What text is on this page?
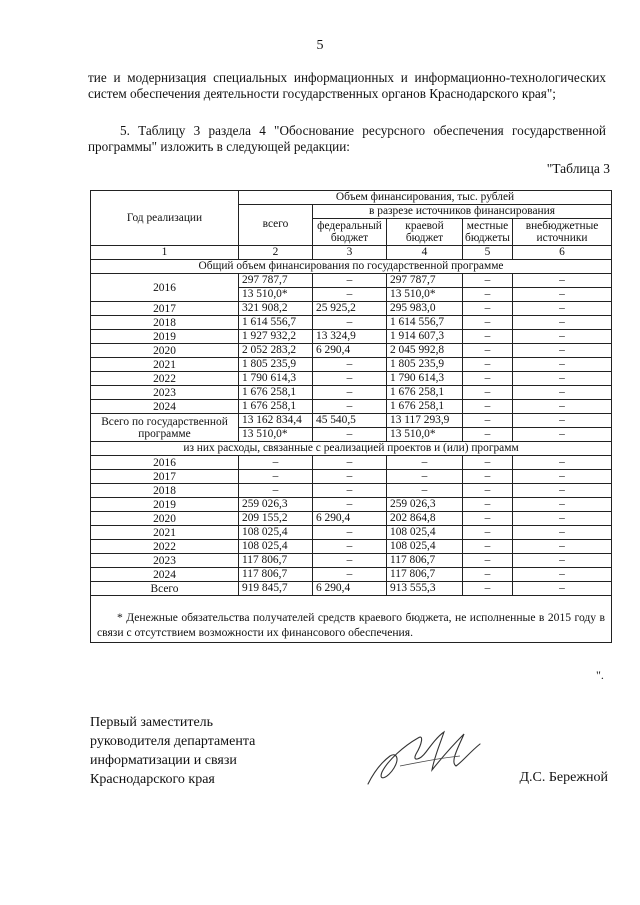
5
тие и модернизация специальных информационных и информационно-технологических систем обеспечения деятельности государственных органов Краснодарского края";
5. Таблицу 3 раздела 4 "Обоснование ресурсного обеспечения государственной программы" изложить в следующей редакции:
"Таблица 3
Год реализации	Объем финансирования, тыс. рублей				
	всего	в разрезе источников финансирования			
		федеральный бюджет	краевой бюджет	местные бюджеты	внебюджетные источники
1	2	3	4	5	6
Общий объем финансирования по государственной программе					
2016	297 787,7	–	297 787,7	–	–
	13 510,0*	–	13 510,0*	–	–
2017	321 908,2	25 925,2	295 983,0	–	–
2018	1 614 556,7	–	1 614 556,7	–	–
2019	1 927 932,2	13 324,9	1 914 607,3	–	–
2020	2 052 283,2	6 290,4	2 045 992,8	–	–
2021	1 805 235,9	–	1 805 235,9	–	–
2022	1 790 614,3	–	1 790 614,3	–	–
2023	1 676 258,1	–	1 676 258,1	–	–
2024	1 676 258,1	–	1 676 258,1	–	–
Всего по государственной программе	13 162 834,4	45 540,5	13 117 293,9	–	–
	13 510,0*	–	13 510,0*	–	–
из них расходы, связанные с реализацией проектов и (или) программ					
2016	–	–	–	–	–
2017	–	–	–	–	–
2018	–	–	–	–	–
2019	259 026,3	–	259 026,3	–	–
2020	209 155,2	6 290,4	202 864,8	–	–
2021	108 025,4	–	108 025,4	–	–
2022	108 025,4	–	108 025,4	–	–
2023	117 806,7	–	117 806,7	–	–
2024	117 806,7	–	117 806,7	–	–
Всего	919 845,7	6 290,4	913 555,3	–	–

* Денежные обязательства получателей средств краевого бюджета, не исполненные в 2015 году в связи с отсутствием возможности их финансового обеспечения.					
".
Первый заместитель
руководителя департамента
информатизации и связи
Краснодарского края	Д.С. Бережной
